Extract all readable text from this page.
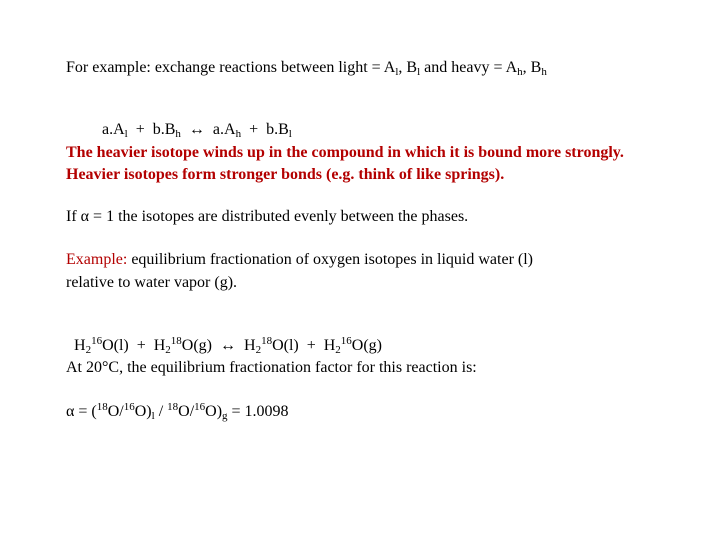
For example: exchange reactions between light = $A_l$, $B_l$ and heavy = $A_h$, $B_h$

$a.A_l + b.B_h$  ↔  $a.A_h + b.B_l$

The heavier isotope winds up in the compound in which it is bound more strongly.
Heavier isotopes form stronger bonds (e.g. think of like springs).
If α = 1 the isotopes are distributed evenly between the phases.
Example: equilibrium fractionation of oxygen isotopes in liquid water (l)
relative to water vapor (g).

$H_2^{16}O(l) + H_2^{18}O(g)$  ↔  $H_2^{18}O(l) + H_2^{16}O(g)$

At 20°C, the equilibrium fractionation factor for this reaction is:
$\alpha = (^{18}O/^{16}O)_l / ^{18}O/^{16}O)_g = 1.0098$
